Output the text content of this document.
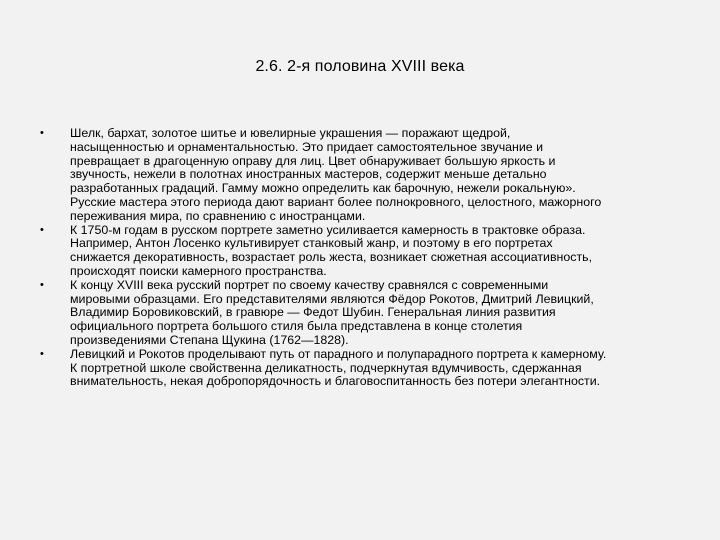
2.6. 2-я половина XVIII века
•	Шелк, бархат, золотое шитье и ювелирные украшения — поражают щедрой,
насыщенностью и орнаментальностью. Это придает самостоятельное звучание и
превращает в драгоценную оправу для лиц. Цвет обнаруживает большую яркость и
звучность, нежели в полотнах иностранных мастеров, содержит меньше детально
разработанных градаций. Гамму можно определить как барочную, нежели рокальную».
Русские мастера этого периода дают вариант более полнокровного, целостного, мажорного
переживания мира, по сравнению с иностранцами.
•	К 1750-м годам в русском портрете заметно усиливается камерность в трактовке образа.
Например, Антон Лосенко культивирует станковый жанр, и поэтому в его портретах
снижается декоративность, возрастает роль жеста, возникает сюжетная ассоциативность,
происходят поиски камерного пространства.
•	К концу XVIII века русский портрет по своему качеству сравнялся с современными
мировыми образцами. Его представителями являются Фёдор Рокотов, Дмитрий Левицкий,
Владимир Боровиковский, в гравюре — Федот Шубин. Генеральная линия развития
официального портрета большого стиля была представлена в конце столетия
произведениями Степана Щукина (1762—1828).
•	Левицкий и Рокотов проделывают путь от парадного и полупарадного портрета к камерному.
К портретной школе свойственна деликатность, подчеркнутая вдумчивость, сдержанная
внимательность, некая добропорядочность и благовоспитанность без потери элегантности.
